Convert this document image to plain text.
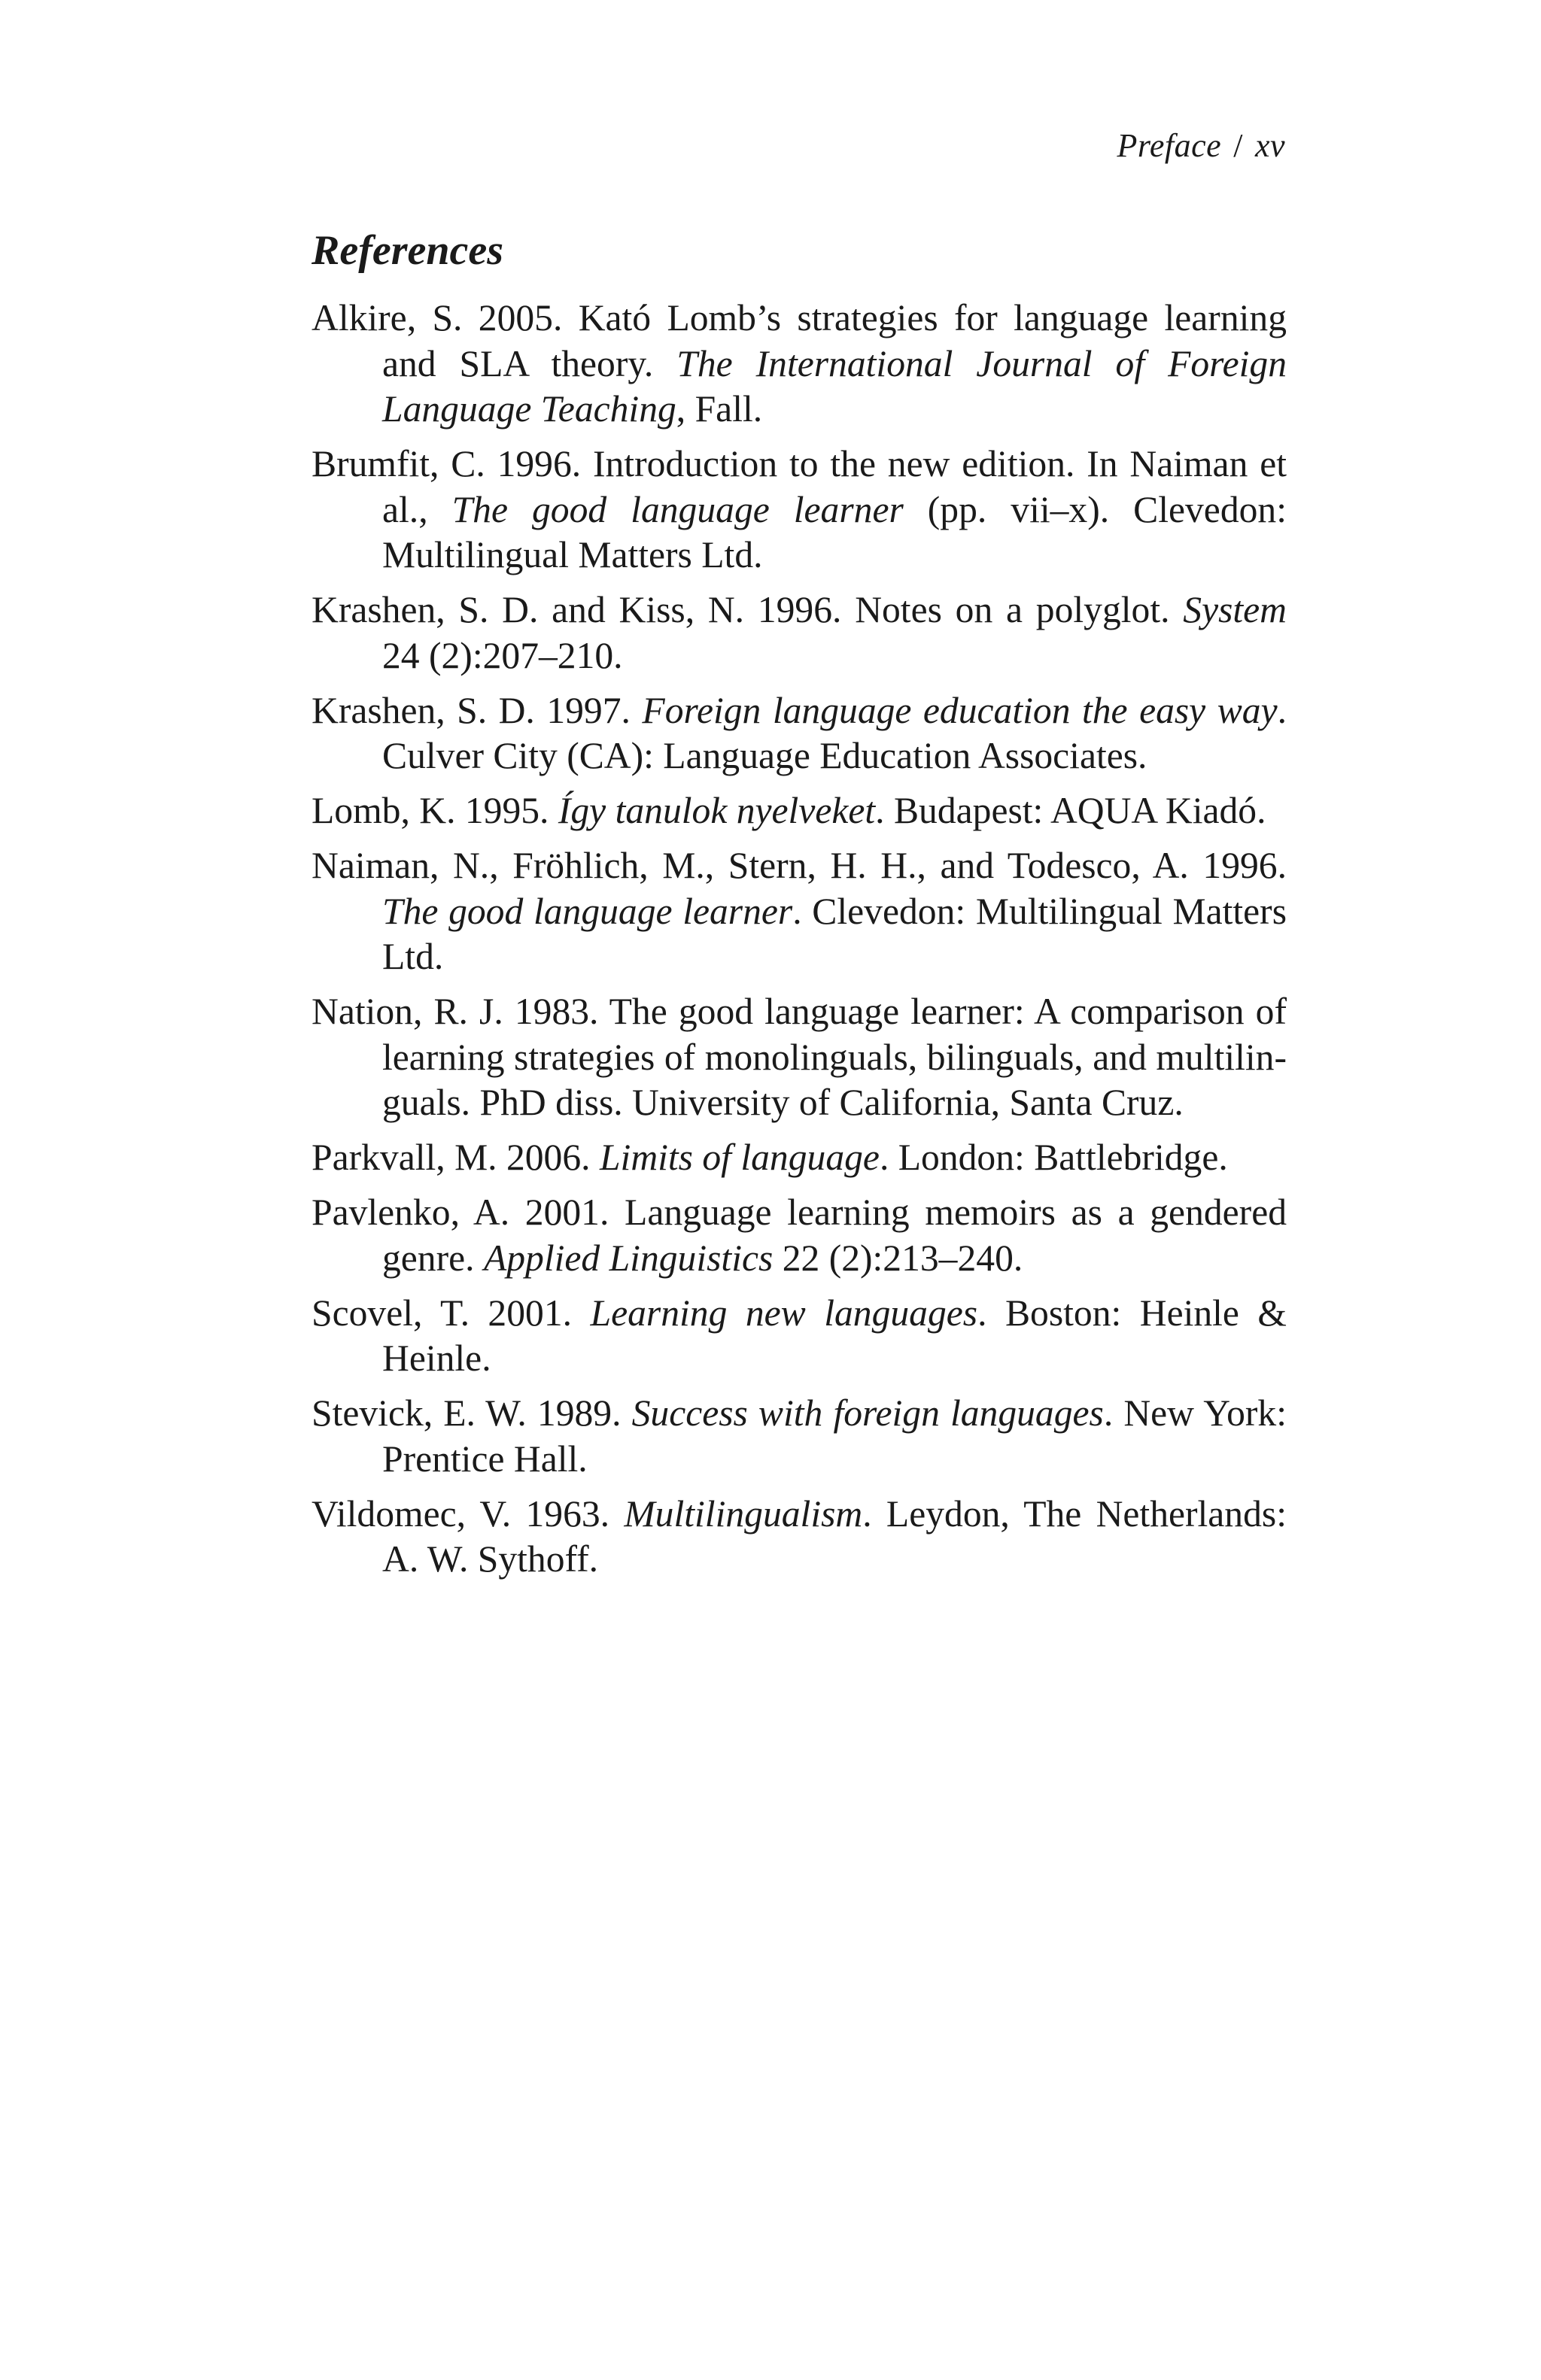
Preface / xv
References
Alkire, S. 2005. Kató Lomb’s strategies for language learning and SLA theory. The International Journal of Foreign Language Teaching, Fall.
Brumfit, C. 1996. Introduction to the new edition. In Naiman et al., The good language learner (pp. vii–x). Clevedon: Multilingual Matters Ltd.
Krashen, S. D. and Kiss, N. 1996. Notes on a polyglot. System 24 (2):207–210.
Krashen, S. D. 1997. Foreign language education the easy way. Culver City (CA): Language Education Associates.
Lomb, K. 1995. Így tanulok nyelveket. Budapest: AQUA Kiadó.
Naiman, N., Fröhlich, M., Stern, H. H., and Todesco, A. 1996. The good language learner. Clevedon: Multilingual Matters Ltd.
Nation, R. J. 1983. The good language learner: A comparison of learning strategies of monolinguals, bilinguals, and multilin-guals. PhD diss. University of California, Santa Cruz.
Parkvall, M. 2006. Limits of language. London: Battlebridge.
Pavlenko, A. 2001. Language learning memoirs as a gendered genre. Applied Linguistics 22 (2):213–240.
Scovel, T. 2001. Learning new languages. Boston: Heinle & Heinle.
Stevick, E. W. 1989. Success with foreign languages. New York: Prentice Hall.
Vildomec, V. 1963. Multilingualism. Leydon, The Netherlands: A. W. Sythoff.
